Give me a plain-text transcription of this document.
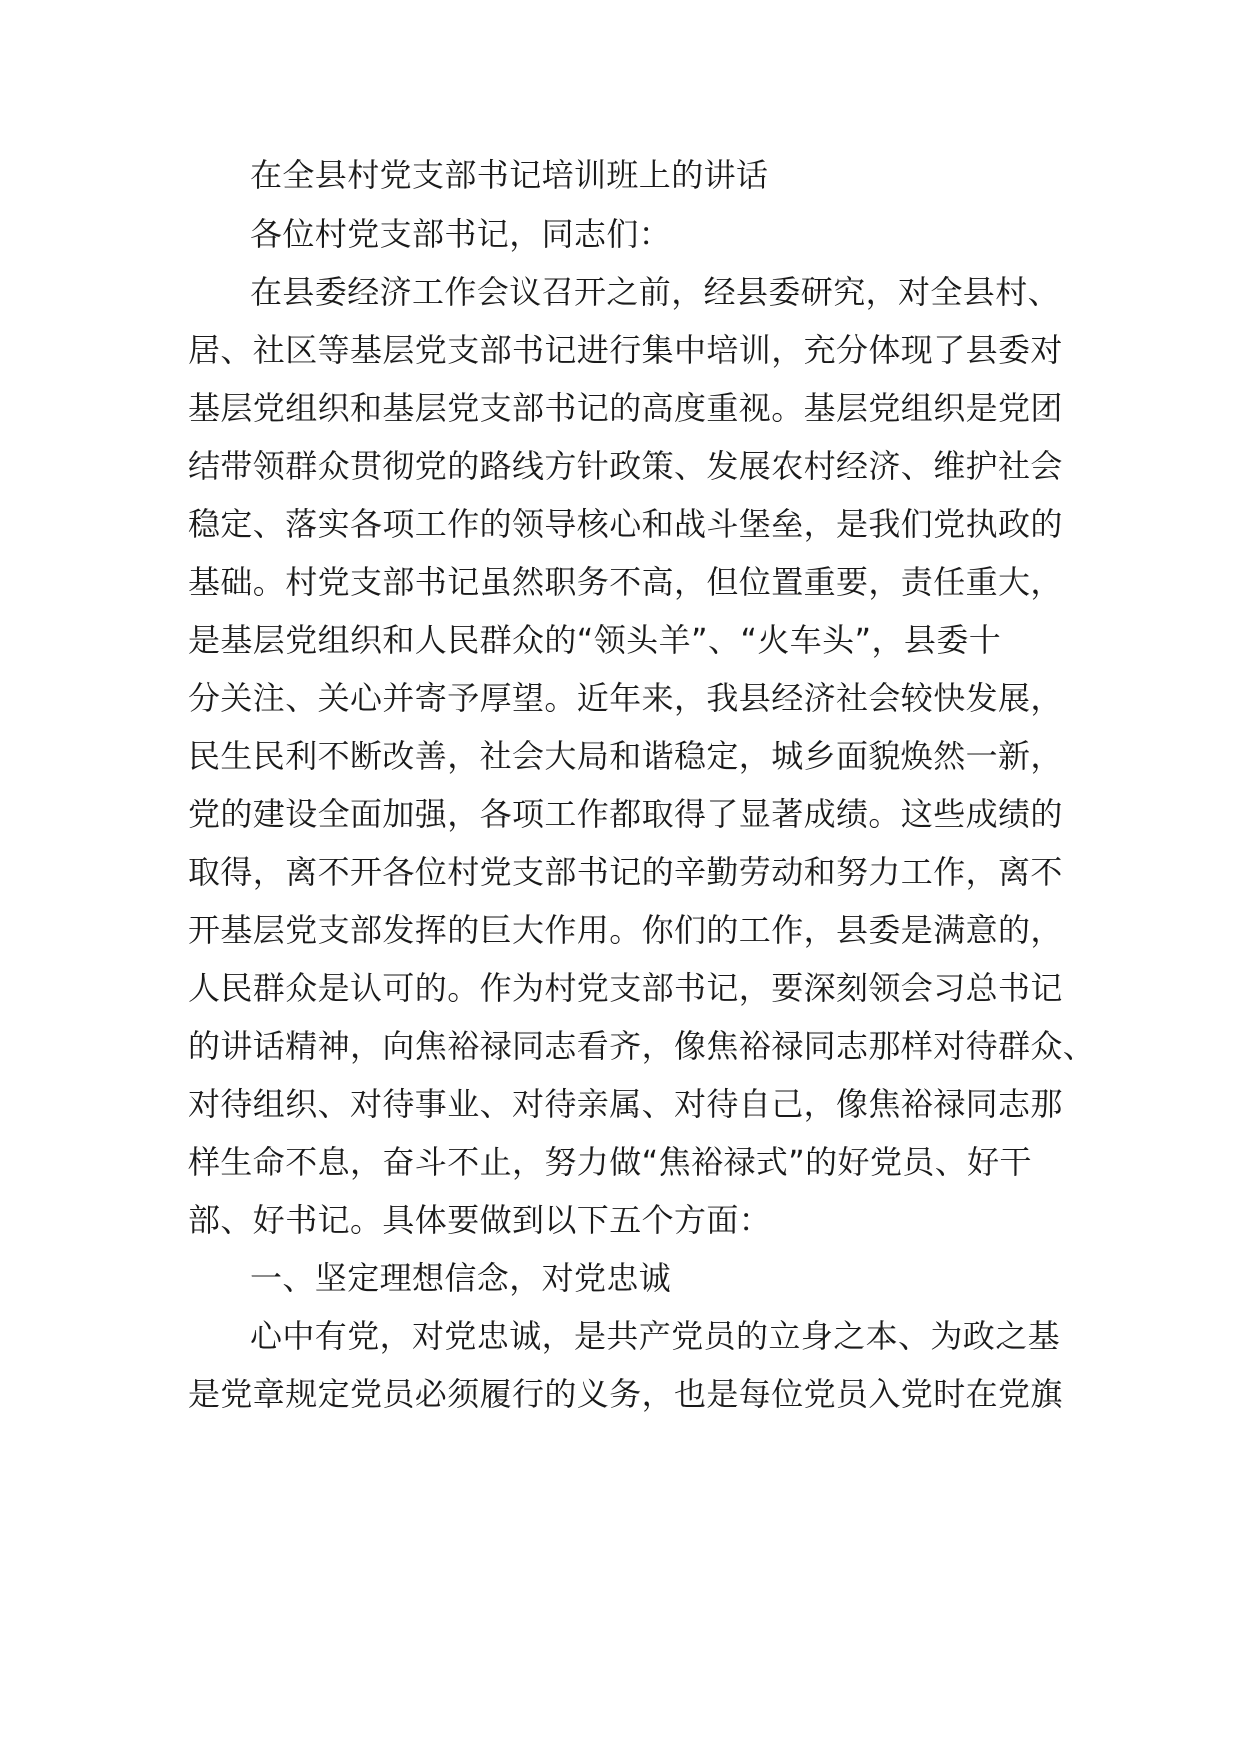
在全县村党支部书记培训班上的讲话
各位村党支部书记，同志们：
在县委经济工作会议召开之前，经县委研究，对全县村、
居、社区等基层党支部书记进行集中培训，充分体现了县委对
基层党组织和基层党支部书记的高度重视。基层党组织是党团
结带领群众贯彻党的路线方针政策、发展农村经济、维护社会
稳定、落实各项工作的领导核心和战斗堡垒，是我们党执政的
基础。村党支部书记虽然职务不高，但位置重要，责任重大，
是基层党组织和人民群众的“领头羊”、“火车头”，县委十
分关注、关心并寄予厚望。近年来，我县经济社会较快发展，
民生民利不断改善，社会大局和谐稳定，城乡面貌焕然一新，
党的建设全面加强，各项工作都取得了显著成绩。这些成绩的
取得，离不开各位村党支部书记的辛勤劳动和努力工作，离不
开基层党支部发挥的巨大作用。你们的工作，县委是满意的，
人民群众是认可的。作为村党支部书记，要深刻领会习总书记
的讲话精神，向焦裕禄同志看齐，像焦裕禄同志那样对待群众、
对待组织、对待事业、对待亲属、对待自己，像焦裕禄同志那
样生命不息，奋斗不止，努力做“焦裕禄式”的好党员、好干
部、好书记。具体要做到以下五个方面：
一、坚定理想信念，对党忠诚
心中有党，对党忠诚，是共产党员的立身之本、为政之基
是党章规定党员必须履行的义务，也是每位党员入党时在党旗
